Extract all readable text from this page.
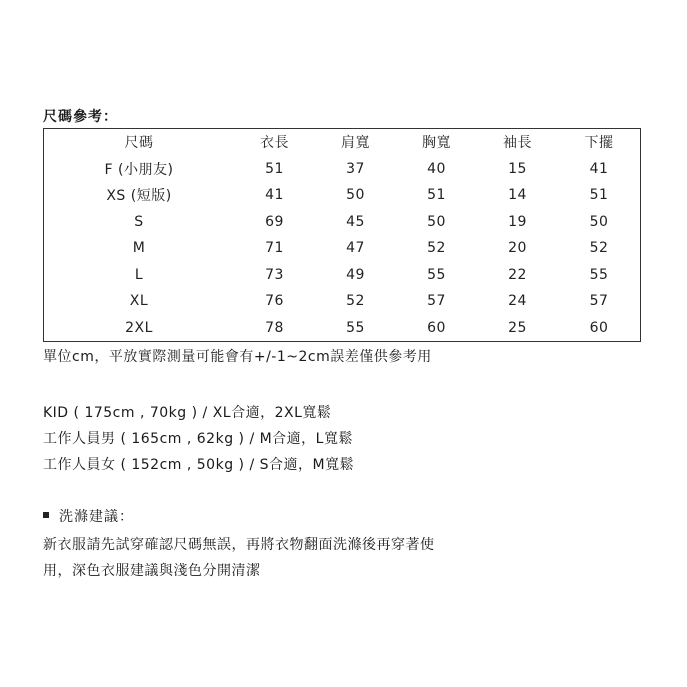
尺碼參考：
尺碼	衣長	肩寬	胸寬	袖長	下擺
F (小朋友)	51	37	40	15	41
XS (短版)	41	50	51	14	51
S	69	45	50	19	50
M	71	47	52	20	52
L	73	49	55	22	55
XL	76	52	57	24	57
2XL	78	55	60	25	60
單位cm，平放實際測量可能會有+/-1~2cm誤差僅供參考用
KID ( 175cm , 70kg ) / XL合適，2XL寬鬆
工作人員男 ( 165cm , 62kg ) / M合適，L寬鬆
工作人員女 ( 152cm , 50kg ) / S合適，M寬鬆
洗滌建議：
新衣服請先試穿確認尺碼無誤，再將衣物翻面洗滌後再穿著使
用，深色衣服建議與淺色分開清潔
